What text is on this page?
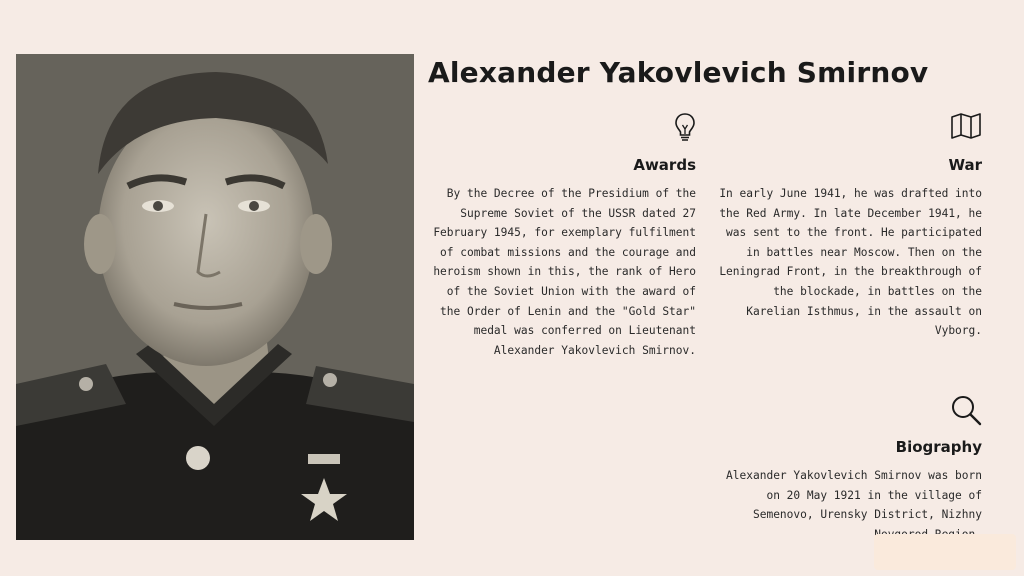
Alexander Yakovlevich Smirnov
Awards

By the Decree of the Presidium of the Supreme Soviet of the USSR dated 27 February 1945, for exemplary fulfilment of combat missions and the courage and heroism shown in this, the rank of Hero of the Soviet Union with the award of the Order of Lenin and the "Gold Star" medal was conferred on Lieutenant Alexander Yakovlevich Smirnov.

War

In early June 1941, he was drafted into the Red Army. In late December 1941, he was sent to the front. He participated in battles near Moscow. Then on the Leningrad Front, in the breakthrough of the blockade, in battles on the Karelian Isthmus, in the assault on Vyborg.

Biography

Alexander Yakovlevich Smirnov was born on 20 May 1921 in the village of Semenovo, Urensky District, Nizhny
